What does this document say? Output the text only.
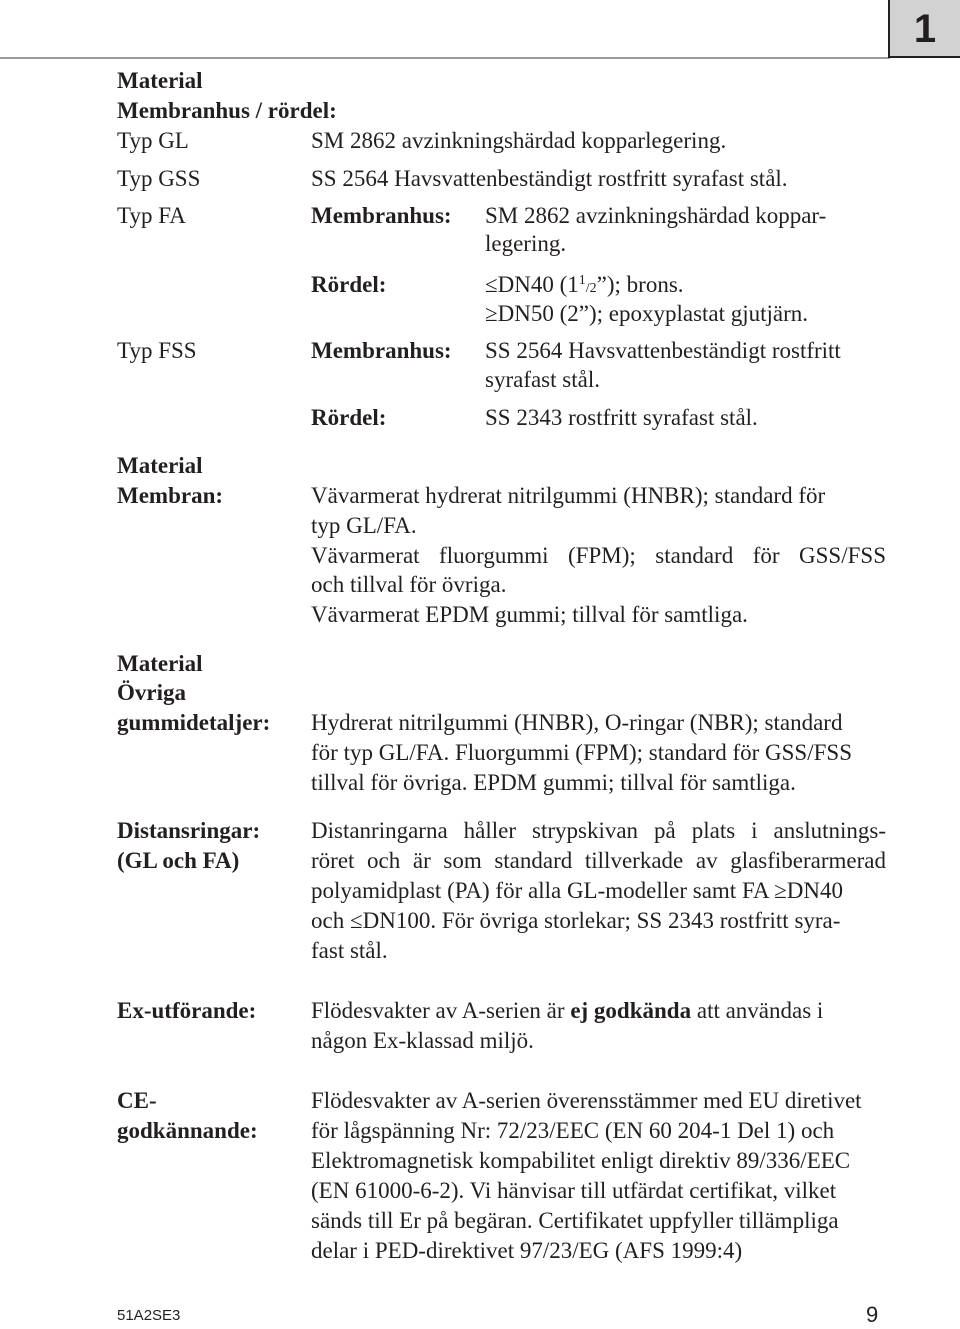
1
Material
Membranhus / rördel:
Typ GL	SM 2862 avzinkningshärdad kopparlegering.
Typ GSS	SS 2564 Havsvattenbeständigt rostfritt syrafast stål.
Typ FA	Membranhus: SM 2862 avzinkningshärdad koppar-
legering.
Rördel:	≤DN40 $(1^1/2”)$; brons.
≥DN50 (2”); epoxyplastat gjutjärn.
Typ FSS	Membranhus: SS 2564 Havsvattenbeständigt rostfritt
syrafast stål.
Rördel:	SS 2343 rostfritt syrafast stål.
Material
Membran:	Vävarmerat hydrerat nitrilgummi (HNBR); standard för
typ GL/FA.
Vävarmerat fluorgummi (FPM); standard för GSS/FSS
och tillval för övriga.
Vävarmerat EPDM gummi; tillval för samtliga.
Material
Övriga
gummidetaljer: Hydrerat nitrilgummi (HNBR), O-ringar (NBR); standard
för typ GL/FA. Fluorgummi (FPM); standard för GSS/FSS
tillval för övriga. EPDM gummi; tillval för samtliga.
Distansringar:
(GL och FA)
Distanringarna håller strypskivan på plats i anslutnings-
röret och är som standard tillverkade av glasfiberarmerad
polyamidplast (PA) för alla GL-modeller samt FA ≥DN40
och ≤DN100. För övriga storlekar; SS 2343 rostfritt syra-
fast stål.
Ex-utförande: Flödesvakter av A-serien är ej godkända att användas i
någon Ex-klassad miljö.
CE-
godkännande:
Flödesvakter av A-serien överensstämmer med EU diretivet
för lågspänning Nr: 72/23/EEC (EN 60 204-1 Del 1) och
Elektromagnetisk kompabilitet enligt direktiv 89/336/EEC
(EN 61000-6-2). Vi hänvisar till utfärdat certifikat, vilket
sänds till Er på begäran. Certifikatet uppfyller tillämpliga
delar i PED-direktivet 97/23/EG (AFS 1999:4)
51A2SE3	9
